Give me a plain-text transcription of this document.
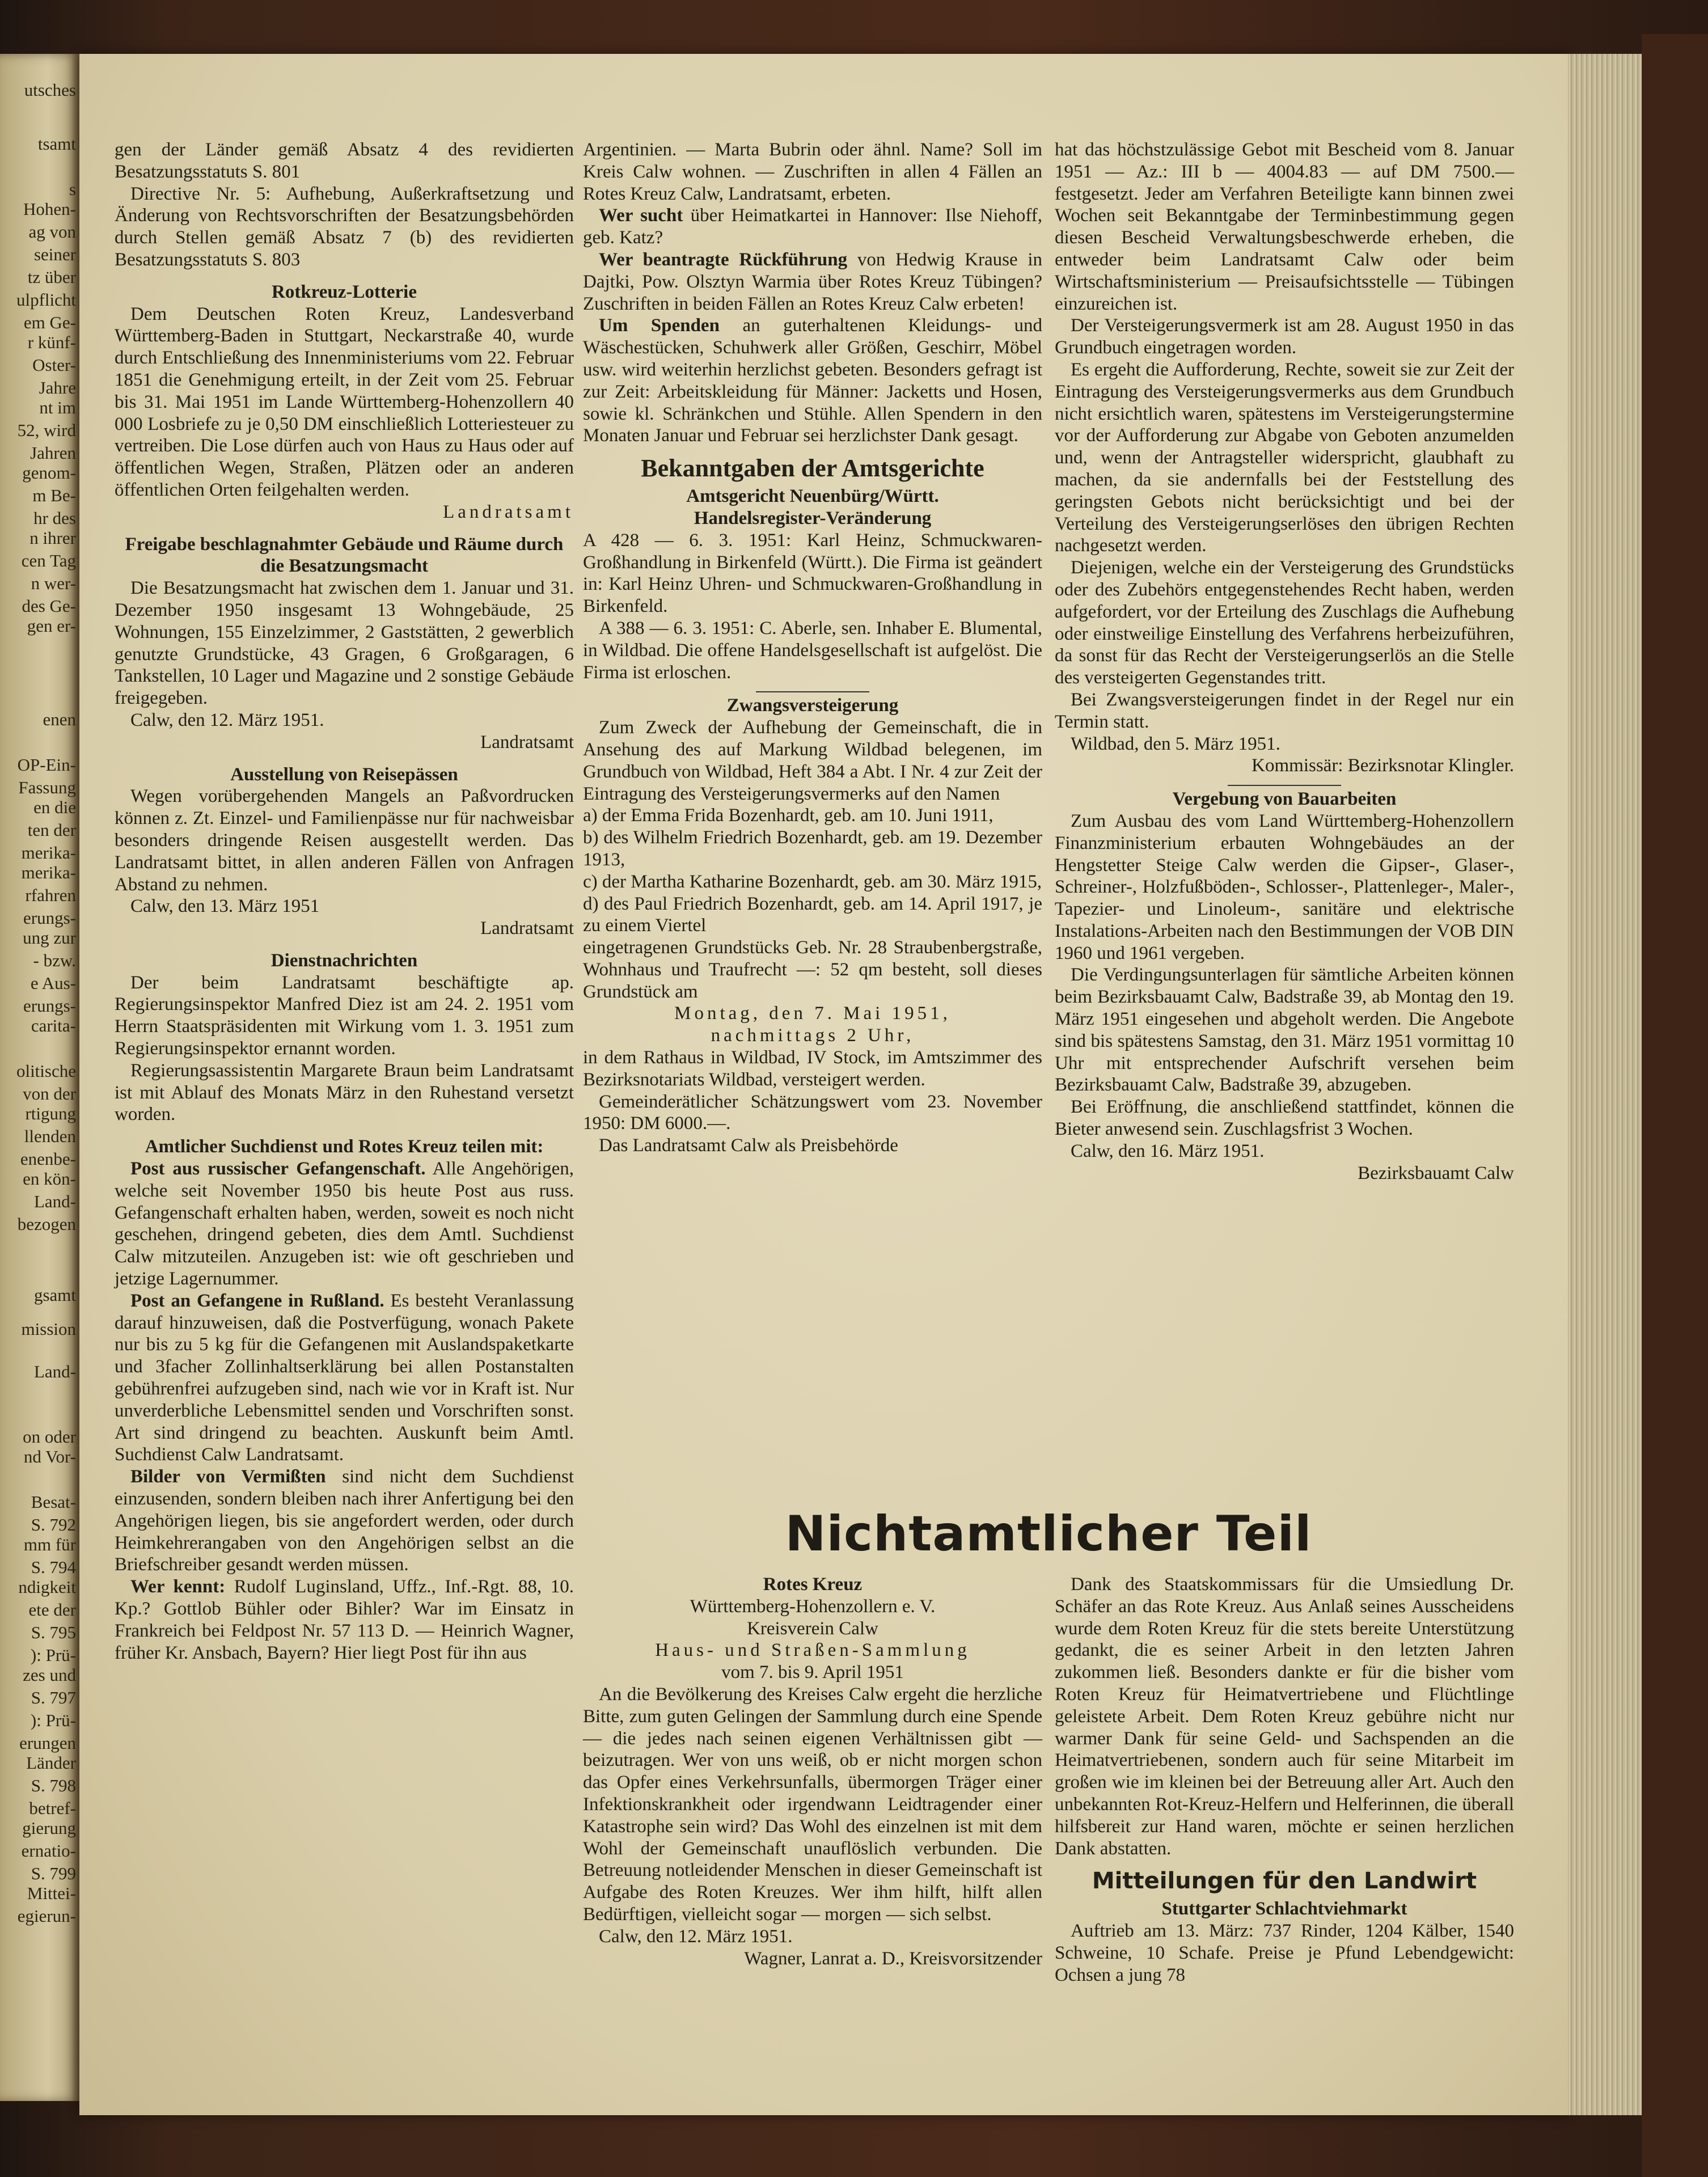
utsches
tsamt
s
Hohen-
ag von
seiner
tz über
ulpflicht
em Ge-
r künf-
Oster-
Jahre
nt im
52, wird
Jahren
genom-
m Be-
hr des
n ihrer
cen Tag
n wer-
des Ge-
gen er-
enen
OP-Ein-
Fassung
en die
ten der
merika-
merika-
rfahren
erungs-
ung zur
- bzw.
e Aus-
erungs-
carita-
olitische
von der
rtigung
llenden
enenbe-
en kön-
Land-
bezogen
gsamt
mission
Land-
on oder
nd Vor-
Besat-
S. 792
mm für
S. 794
ndigkeit
ete der
S. 795
): Prü-
zes und
S. 797
): Prü-
erungen
Länder
S. 798
betref-
gierung
ernatio-
S. 799
Mittei-
egierun-

gen der Länder gemäß Absatz 4 des revidierten Besatzungsstatuts S. 801

Directive Nr. 5: Aufhebung, Außerkraftsetzung und Änderung von Rechtsvorschriften der Besatzungsbehörden durch Stellen gemäß Absatz 7 (b) des revidierten Besatzungsstatuts S. 803

Rotkreuz-Lotterie

Dem Deutschen Roten Kreuz, Landesverband Württemberg-Baden in Stuttgart, Neckarstraße 40, wurde durch Entschließung des Innenministeriums vom 22. Februar 1851 die Genehmigung erteilt, in der Zeit vom 25. Februar bis 31. Mai 1951 im Lande Württemberg-Hohenzollern 40 000 Losbriefe zu je 0,50 DM einschließlich Lotteriesteuer zu vertreiben. Die Lose dürfen auch von Haus zu Haus oder auf öffentlichen Wegen, Straßen, Plätzen oder an anderen öffentlichen Orten feilgehalten werden.

Landratsamt

Freigabe beschlagnahmter Gebäude und Räume durch die Besatzungsmacht

Die Besatzungsmacht hat zwischen dem 1. Januar und 31. Dezember 1950 insgesamt 13 Wohngebäude, 25 Wohnungen, 155 Einzelzimmer, 2 Gaststätten, 2 gewerblich genutzte Grundstücke, 43 Gragen, 6 Großgaragen, 6 Tankstellen, 10 Lager und Magazine und 2 sonstige Gebäude freigegeben.

Calw, den 12. März 1951.

Landratsamt

Ausstellung von Reisepässen

Wegen vorübergehenden Mangels an Paßvordrucken können z. Zt. Einzel- und Familienpässe nur für nachweisbar besonders dringende Reisen ausgestellt werden. Das Landratsamt bittet, in allen anderen Fällen von Anfragen Abstand zu nehmen.

Calw, den 13. März 1951

Landratsamt

Dienstnachrichten

Der beim Landratsamt beschäftigte ap. Regierungsinspektor Manfred Diez ist am 24. 2. 1951 vom Herrn Staatspräsidenten mit Wirkung vom 1. 3. 1951 zum Regierungsinspektor ernannt worden.

Regierungsassistentin Margarete Braun beim Landratsamt ist mit Ablauf des Monats März in den Ruhestand versetzt worden.

Amtlicher Suchdienst und Rotes Kreuz teilen mit:

Post aus russischer Gefangenschaft. Alle Angehörigen, welche seit November 1950 bis heute Post aus russ. Gefangenschaft erhalten haben, werden, soweit es noch nicht geschehen, dringend gebeten, dies dem Amtl. Suchdienst Calw mitzuteilen. Anzugeben ist: wie oft geschrieben und jetzige Lagernummer.

Post an Gefangene in Rußland. Es besteht Veranlassung darauf hinzuweisen, daß die Postverfügung, wonach Pakete nur bis zu 5 kg für die Gefangenen mit Auslandspaketkarte und 3facher Zollinhaltserklärung bei allen Postanstalten gebührenfrei aufzugeben sind, nach wie vor in Kraft ist. Nur unverderbliche Lebensmittel senden und Vorschriften sonst. Art sind dringend zu beachten. Auskunft beim Amtl. Suchdienst Calw Landratsamt.

Bilder von Vermißten sind nicht dem Suchdienst einzusenden, sondern bleiben nach ihrer Anfertigung bei den Angehörigen liegen, bis sie angefordert werden, oder durch Heimkehrerangaben von den Angehörigen selbst an die Briefschreiber gesandt werden müssen.

Wer kennt: Rudolf Luginsland, Uffz., Inf.-Rgt. 88, 10. Kp.? Gottlob Bühler oder Bihler? War im Einsatz in Frankreich bei Feldpost Nr. 57 113 D. — Heinrich Wagner, früher Kr. Ansbach, Bayern? Hier liegt Post für ihn aus

Argentinien. — Marta Bubrin oder ähnl. Name? Soll im Kreis Calw wohnen. — Zuschriften in allen 4 Fällen an Rotes Kreuz Calw, Landratsamt, erbeten.

Wer sucht über Heimatkartei in Hannover: Ilse Niehoff, geb. Katz?

Wer beantragte Rückführung von Hedwig Krause in Dajtki, Pow. Olsztyn Warmia über Rotes Kreuz Tübingen? Zuschriften in beiden Fällen an Rotes Kreuz Calw erbeten!

Um Spenden an guterhaltenen Kleidungs- und Wäschestücken, Schuhwerk aller Größen, Geschirr, Möbel usw. wird weiterhin herzlichst gebeten. Besonders gefragt ist zur Zeit: Arbeitskleidung für Männer: Jacketts und Hosen, sowie kl. Schränkchen und Stühle. Allen Spendern in den Monaten Januar und Februar sei herzlichster Dank gesagt.

Bekanntgaben der Amtsgerichte

Amtsgericht Neuenbürg/Württ.

Handelsregister-Veränderung

A 428 — 6. 3. 1951: Karl Heinz, Schmuckwaren-Großhandlung in Birkenfeld (Württ.). Die Firma ist geändert in: Karl Heinz Uhren- und Schmuckwaren-Großhandlung in Birkenfeld.

A 388 — 6. 3. 1951: C. Aberle, sen. Inhaber E. Blumental, in Wildbad. Die offene Handelsgesellschaft ist aufgelöst. Die Firma ist erloschen.

Zwangsversteigerung

Zum Zweck der Aufhebung der Gemeinschaft, die in Ansehung des auf Markung Wildbad belegenen, im Grundbuch von Wildbad, Heft 384 a Abt. I Nr. 4 zur Zeit der Eintragung des Versteigerungsvermerks auf den Namen

a) der Emma Frida Bozenhardt, geb. am 10. Juni 1911,

b) des Wilhelm Friedrich Bozenhardt, geb. am 19. Dezember 1913,

c) der Martha Katharine Bozenhardt, geb. am 30. März 1915,

d) des Paul Friedrich Bozenhardt, geb. am 14. April 1917, je zu einem Viertel

eingetragenen Grundstücks Geb. Nr. 28 Straubenbergstraße, Wohnhaus und Traufrecht —: 52 qm besteht, soll dieses Grundstück am

Montag, den 7. Mai 1951,

nachmittags 2 Uhr,

in dem Rathaus in Wildbad, IV Stock, im Amtszimmer des Bezirksnotariats Wildbad, versteigert werden.

Gemeinderätlicher Schätzungswert vom 23. November 1950: DM 6000.—.

Das Landratsamt Calw als Preisbehörde

hat das höchstzulässige Gebot mit Bescheid vom 8. Januar 1951 — Az.: III b — 4004.83 — auf DM 7500.— festgesetzt. Jeder am Verfahren Beteiligte kann binnen zwei Wochen seit Bekanntgabe der Terminbestimmung gegen diesen Bescheid Verwaltungsbeschwerde erheben, die entweder beim Landratsamt Calw oder beim Wirtschaftsministerium — Preisaufsichtsstelle — Tübingen einzureichen ist.

Der Versteigerungsvermerk ist am 28. August 1950 in das Grundbuch eingetragen worden.

Es ergeht die Aufforderung, Rechte, soweit sie zur Zeit der Eintragung des Versteigerungsvermerks aus dem Grundbuch nicht ersichtlich waren, spätestens im Versteigerungstermine vor der Aufforderung zur Abgabe von Geboten anzumelden und, wenn der Antragsteller widerspricht, glaubhaft zu machen, da sie andernfalls bei der Feststellung des geringsten Gebots nicht berücksichtigt und bei der Verteilung des Versteigerungserlöses den übrigen Rechten nachgesetzt werden.

Diejenigen, welche ein der Versteigerung des Grundstücks oder des Zubehörs entgegenstehendes Recht haben, werden aufgefordert, vor der Erteilung des Zuschlags die Aufhebung oder einstweilige Einstellung des Verfahrens herbeizuführen, da sonst für das Recht der Versteigerungserlös an die Stelle des versteigerten Gegenstandes tritt.

Bei Zwangsversteigerungen findet in der Regel nur ein Termin statt.

Wildbad, den 5. März 1951.

Kommissär: Bezirksnotar Klingler.

Vergebung von Bauarbeiten

Zum Ausbau des vom Land Württemberg-Hohenzollern Finanzministerium erbauten Wohngebäudes an der Hengstetter Steige Calw werden die Gipser-, Glaser-, Schreiner-, Holzfußböden-, Schlosser-, Plattenleger-, Maler-, Tapezier- und Linoleum-, sanitäre und elektrische Instalations-Arbeiten nach den Bestimmungen der VOB DIN 1960 und 1961 vergeben.

Die Verdingungsunterlagen für sämtliche Arbeiten können beim Bezirksbauamt Calw, Badstraße 39, ab Montag den 19. März 1951 eingesehen und abgeholt werden. Die Angebote sind bis spätestens Samstag, den 31. März 1951 vormittag 10 Uhr mit entsprechender Aufschrift versehen beim Bezirksbauamt Calw, Badstraße 39, abzugeben.

Bei Eröffnung, die anschließend stattfindet, können die Bieter anwesend sein. Zuschlagsfrist 3 Wochen.

Calw, den 16. März 1951.

Bezirksbauamt Calw

Nichtamtlicher Teil

Rotes Kreuz

Württemberg-Hohenzollern e. V.

Kreisverein Calw

Haus- und Straßen-Sammlung

vom 7. bis 9. April 1951

An die Bevölkerung des Kreises Calw ergeht die herzliche Bitte, zum guten Gelingen der Sammlung durch eine Spende — die jedes nach seinen eigenen Verhältnissen gibt — beizutragen. Wer von uns weiß, ob er nicht morgen schon das Opfer eines Verkehrsunfalls, übermorgen Träger einer Infektionskrankheit oder irgendwann Leidtragender einer Katastrophe sein wird? Das Wohl des einzelnen ist mit dem Wohl der Gemeinschaft unauflöslich verbunden. Die Betreuung notleidender Menschen in dieser Gemeinschaft ist Aufgabe des Roten Kreuzes. Wer ihm hilft, hilft allen Bedürftigen, vielleicht sogar — morgen — sich selbst.

Calw, den 12. März 1951.

Wagner, Lanrat a. D., Kreisvorsitzender

Dank des Staatskommissars für die Umsiedlung Dr. Schäfer an das Rote Kreuz. Aus Anlaß seines Ausscheidens wurde dem Roten Kreuz für die stets bereite Unterstützung gedankt, die es seiner Arbeit in den letzten Jahren zukommen ließ. Besonders dankte er für die bisher vom Roten Kreuz für Heimatvertriebene und Flüchtlinge geleistete Arbeit. Dem Roten Kreuz gebühre nicht nur warmer Dank für seine Geld- und Sachspenden an die Heimatvertriebenen, sondern auch für seine Mitarbeit im großen wie im kleinen bei der Betreuung aller Art. Auch den unbekannten Rot-Kreuz-Helfern und Helferinnen, die überall hilfsbereit zur Hand waren, möchte er seinen herzlichen Dank abstatten.

Mitteilungen für den Landwirt

Stuttgarter Schlachtviehmarkt

Auftrieb am 13. März: 737 Rinder, 1204 Kälber, 1540 Schweine, 10 Schafe. Preise je Pfund Lebendgewicht: Ochsen a jung 78
